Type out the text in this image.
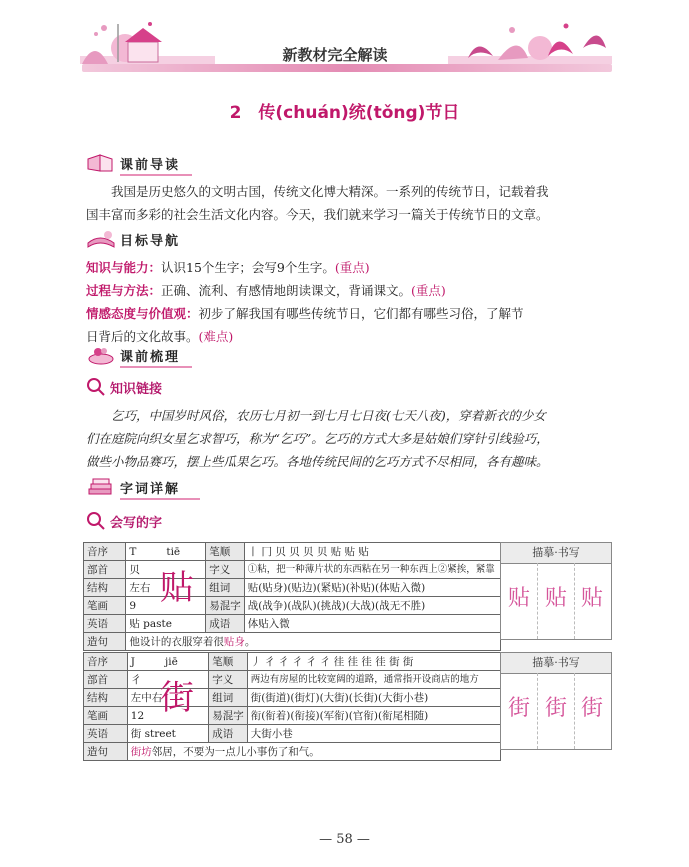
新教材完全解读
2　传(chuán)统(tǒng)节日
课前导读
我国是历史悠久的文明古国，传统文化博大精深。一系列的传统节日，记载着我
国丰富而多彩的社会生活文化内容。今天，我们就来学习一篇关于传统节日的文章。
目标导航
知识与能力：认识15个生字；会写9个生字。(重点)
过程与方法：正确、流利、有感情地朗读课文，背诵课文。(重点)
情感态度与价值观：初步了解我国有哪些传统节日，它们都有哪些习俗，了解节
日背后的文化故事。(难点)
课前梳理
知识链接
乞巧，中国岁时风俗，农历七月初一到七月七日夜(七天八夜)，穿着新衣的少女
们在庭院向织女星乞求智巧，称为“乞巧”。乞巧的方式大多是姑娘们穿针引线验巧，
做些小物品赛巧，摆上些瓜果乞巧。各地传统民间的乞巧方式不尽相同，各有趣味。
字词详解
会写的字
音序	T tiē	笔顺	丨 冂 贝 贝 贝 贝 贴 贴 贴
部首	贝	字义	①粘，把一种薄片状的东西粘在另一种东西上②紧挨，紧靠
结构	左右	组词	贴(贴身)(贴边)(紧贴)(补贴)(体贴入微)
笔画	9	易混字	战(战争)(战队)(挑战)(大战)(战无不胜)
英语	贴 paste	成语	体贴入微
造句	他设计的衣服穿着很贴身。		
贴
描摹·书写
贴 贴 贴
音序	J jiē	笔顺	丿 彳 彳 彳 彳 彳 徍 徍 徍 徍 街 街
部首	彳	字义	两边有房屋的比较宽阔的道路，通常指开设商店的地方
结构	左中右	组词	街(街道)(街灯)(大街)(长街)(大街小巷)
笔画	12	易混字	衔(衔着)(衔接)(军衔)(官衔)(衔尾相随)
英语	街 street	成语	大街小巷
造句	街坊邻居，不要为一点儿小事伤了和气。		
街
描摹·书写
街 街 街
— 58 —
